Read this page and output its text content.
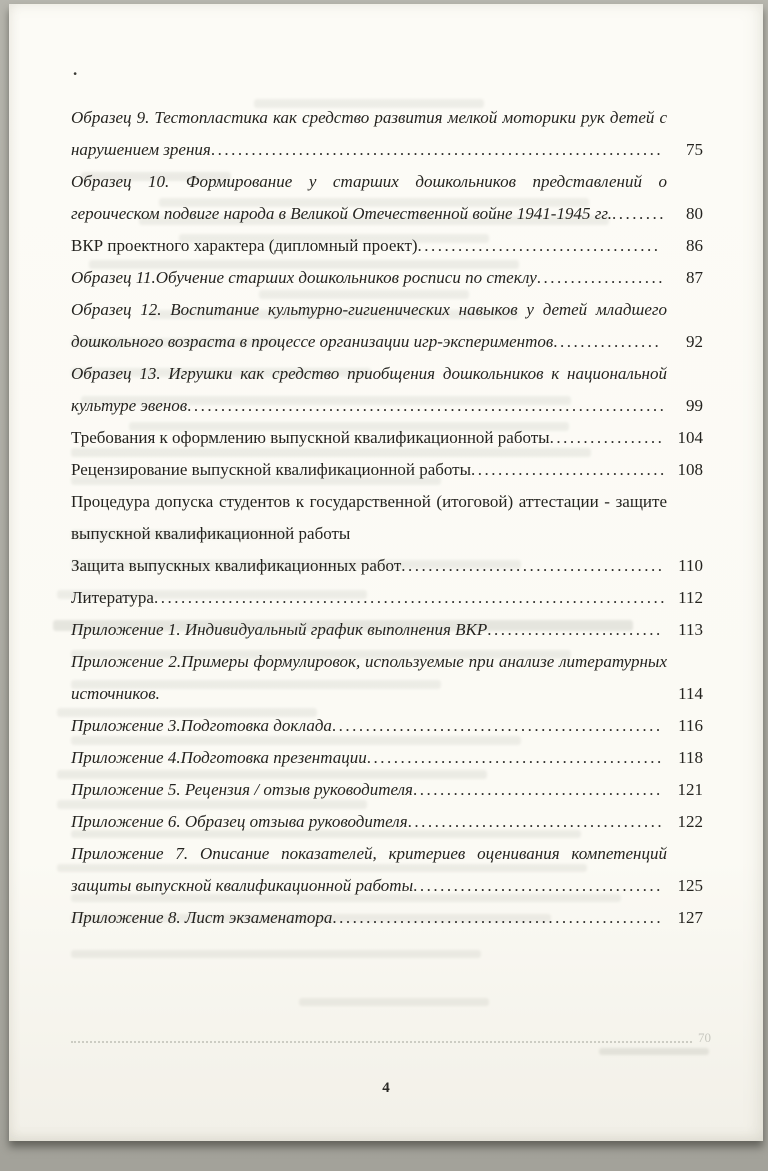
70
.
Образец 9. Тестопластика как средство развития мелкой моторики рук детей с нарушением зрения...................................................................	75
Образец 10. Формирование у старших дошкольников представлений о героическом подвиге народа в Великой Отечественной войне 1941-1945 гг.........	80
ВКР проектного характера (дипломный проект)....................................	86
Образец 11.Обучение старших дошкольников росписи по стеклу...................	87
Образец 12. Воспитание культурно-гигиенических навыков у детей младшего дошкольного возраста в процессе организации игр-экспериментов................	92
Образец 13. Игрушки как средство приобщения дошкольников к национальной культуре эвенов.......................................................................	99
Требования к оформлению выпускной квалификационной работы................. 104
Рецензирование выпускной квалификационной работы............................. 108
Процедура допуска студентов к государственной (итоговой) аттестации - защите выпускной квалификационной работы
Защита выпускных квалификационных работ....................................... 110
Литература............................................................................ 112
Приложение 1. Индивидуальный график выполнения ВКР.......................... 113
Приложение 2.Примеры формулировок, используемые при анализе литературных источников.	114
Приложение 3.Подготовка доклада................................................. 116
Приложение 4.Подготовка презентации............................................ 118
Приложение 5. Рецензия / отзыв руководителя..................................... 121
Приложение 6. Образец отзыва руководителя...................................... 122
Приложение 7. Описание показателей, критериев оценивания компетенций защиты выпускной квалификационной работы..................................... 125
Приложение 8. Лист экзаменатора................................................. 127
4
